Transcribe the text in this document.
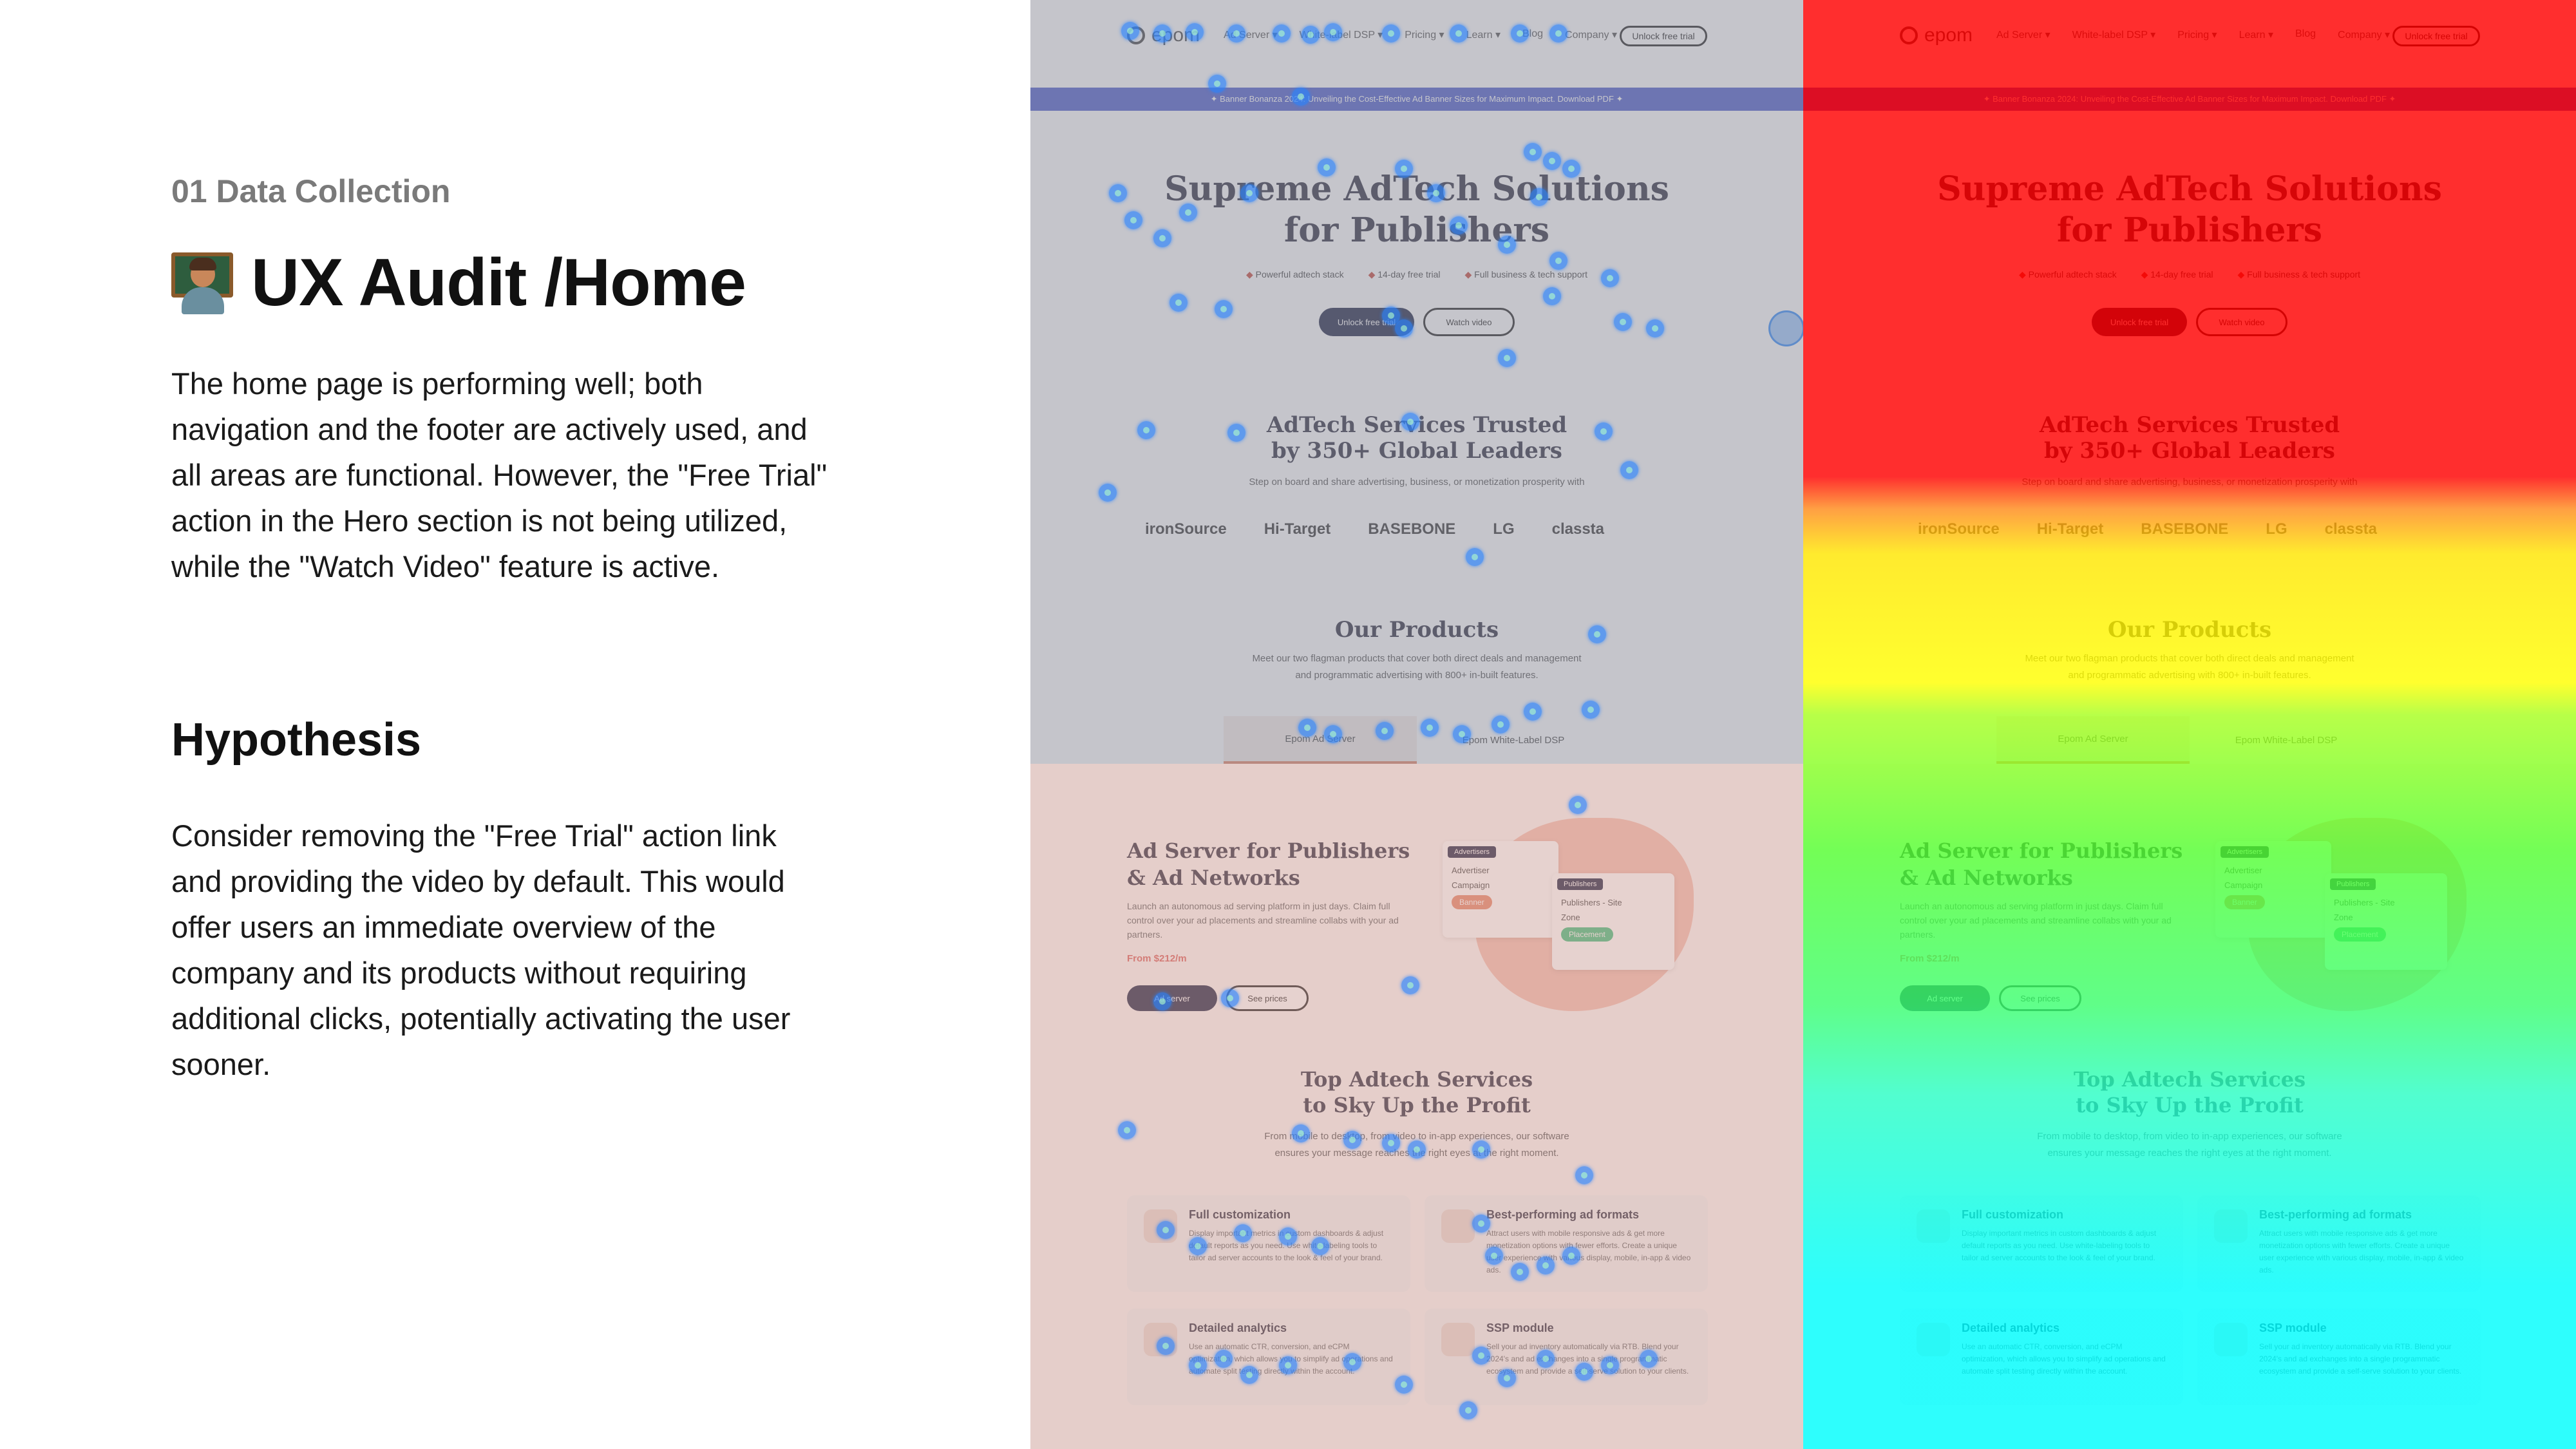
01 Data Collection
UX Audit /Home
The home page is performing well; both navigation and the footer are actively used, and all areas are functional. However, the "Free Trial" action in the Hero section is not being utilized, while the "Watch Video" feature is active.
Hypothesis
Consider removing the "Free Trial" action link and providing the video by default. This would offer users an immediate overview of the company and its products without requiring additional clicks, potentially activating the user sooner.
◆
◆
◆
◆
◆
◆
